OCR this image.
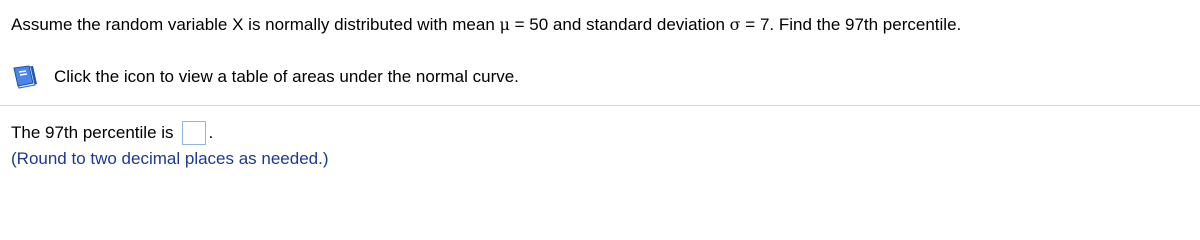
Assume the random variable X is normally distributed with mean μ = 50 and standard deviation σ = 7. Find the 97th percentile.
Click the icon to view a table of areas under the normal curve.
The 97th percentile is .
(Round to two decimal places as needed.)
